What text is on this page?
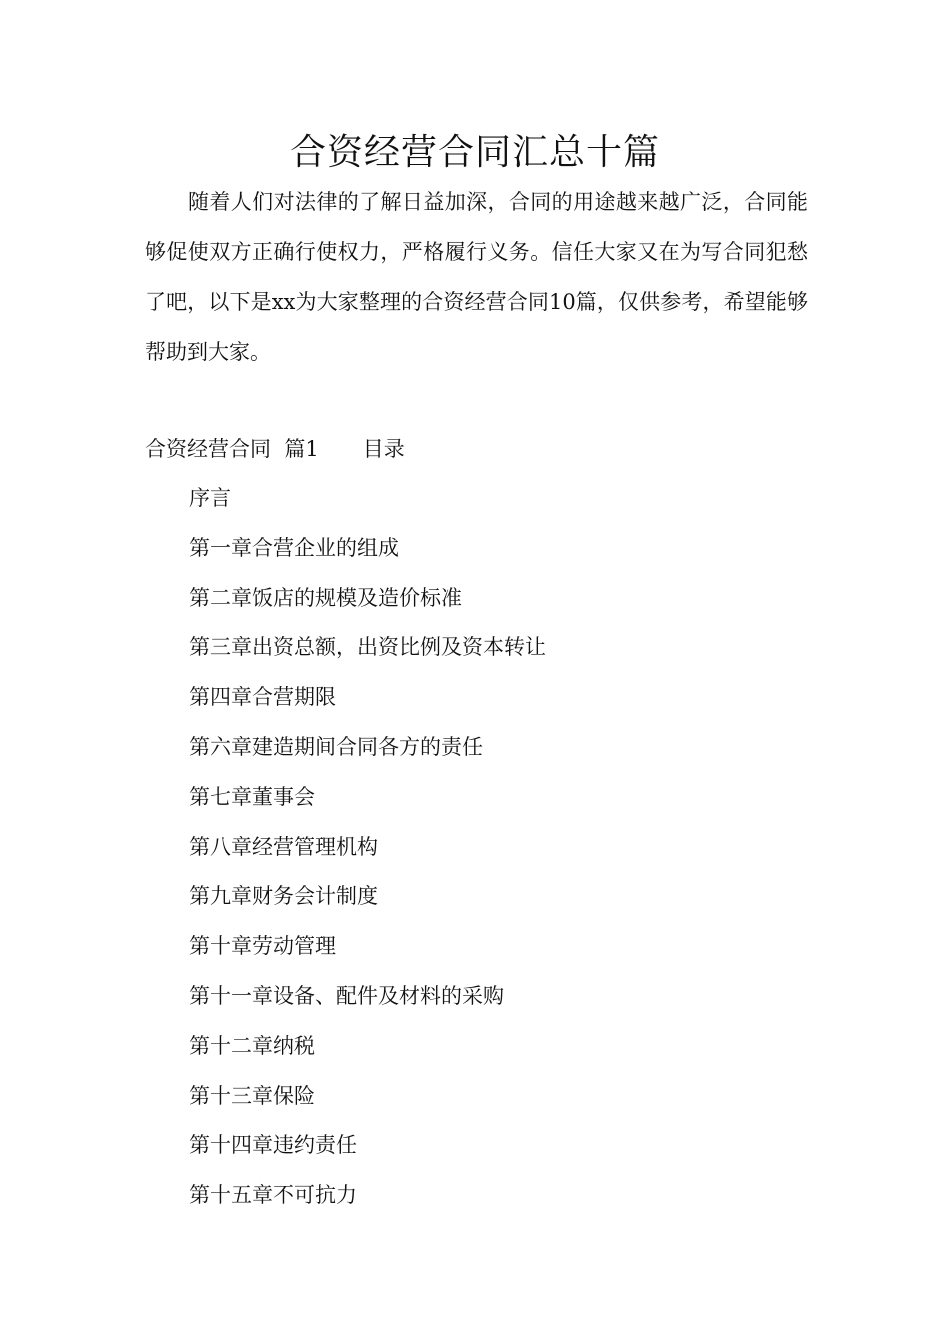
合资经营合同汇总十篇

随着人们对法律的了解日益加深，合同的用途越来越广泛，合同能够促使双方正确行使权力，严格履行义务。信任大家又在为写合同犯愁了吧，以下是xx为大家整理的合资经营合同10篇，仅供参考，希望能够帮助到大家。

合资经营合同  篇1 目录
序言
第一章合营企业的组成
第二章饭店的规模及造价标准
第三章出资总额，出资比例及资本转让
第四章合营期限
第六章建造期间合同各方的责任
第七章董事会
第八章经营管理机构
第九章财务会计制度
第十章劳动管理
第十一章设备、配件及材料的采购
第十二章纳税
第十三章保险
第十四章违约责任
第十五章不可抗力
